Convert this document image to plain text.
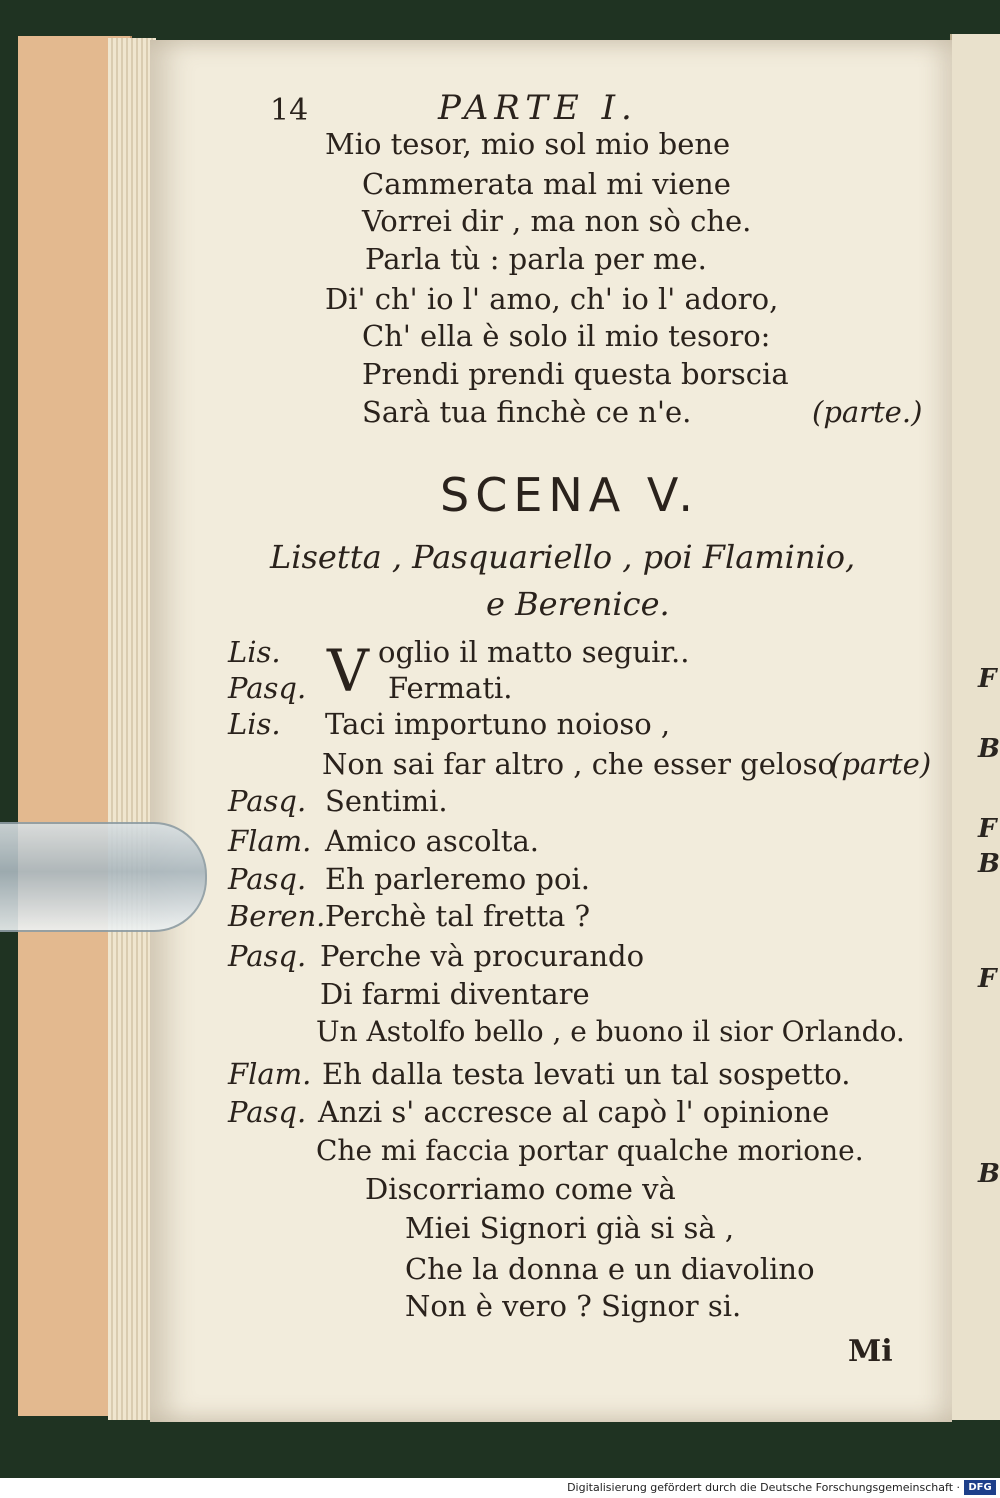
F
B
F
B
F
B
14	PARTE I.
Mio tesor, mio sol mio bene
Cammerata mal mi viene
Vorrei dir , ma non sò che.
Parla tù : parla per me.
Di' ch' io l' amo, ch' io l' adoro,
Ch' ella è solo il mio tesoro:
Prendi prendi questa borscia
Sarà tua finchè ce n'e.	(parte.)
SCENA V.
Lisetta , Pasquariello , poi Flaminio,
e Berenice.
V
Lis.	oglio il matto seguir..
Pasq.	Fermati.
Lis. Taci importuno noioso ,
Non sai far altro , che esser geloso
(parte)
Pasq. Sentimi.
Flam. Amico ascolta.
Pasq. Eh parleremo poi.
Beren. Perchè tal fretta ?
Pasq. Perche và procurando
Di farmi diventare
Un Astolfo bello , e buono il sior Orlando.
Flam. Eh dalla testa levati un tal sospetto.
Pasq. Anzi s' accresce al capò l' opinione
Che mi faccia portar qualche morione.
Discorriamo come và
Miei Signori già si sà ,
Che la donna e un diavolino
Non è vero ? Signor si.
Mi
Digitalisierung gefördert durch die Deutsche Forschungsgemeinschaft · DFG
